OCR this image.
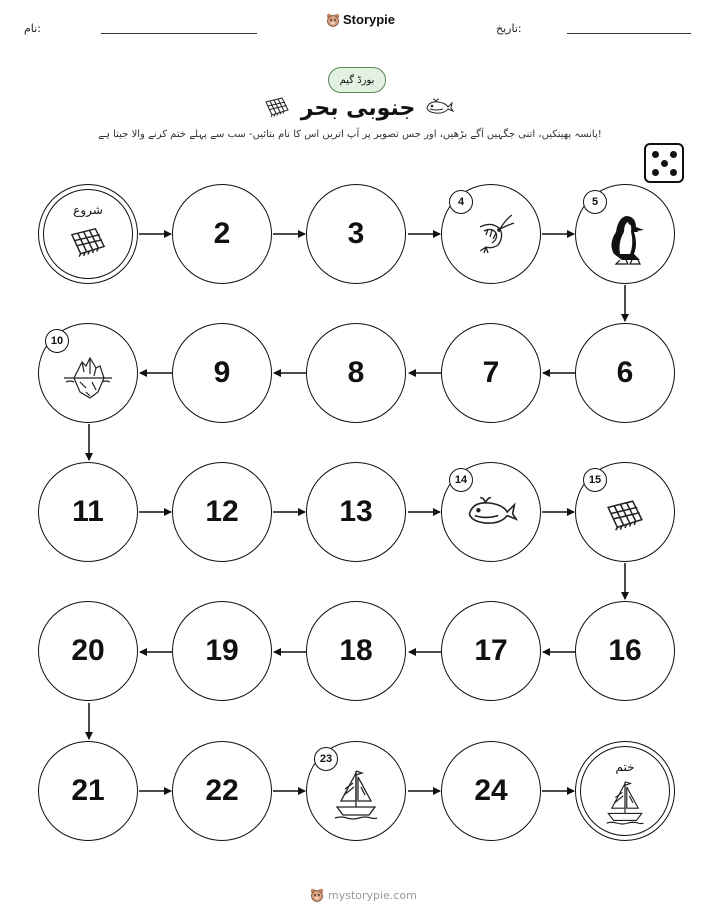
نام:
Storypie
تاریخ:
بورڈ گیم
جنوبی بحر
پانسہ پھینکیں، اتنی جگہیں آگے بڑھیں، اور جس تصویر پر آپ اتریں اس کا نام بتائیں- سب سے پہلے ختم کرنے والا جیتا ہے!
شروع
2	3
4	5
10
9	8	7	6
11	12	13
14	15
20	19	18	17	16
21	22
23
24
ختم
mystorypie.com
